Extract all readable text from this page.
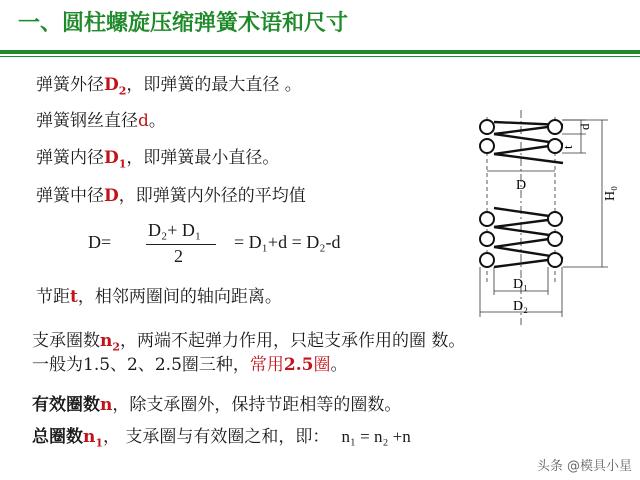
一、圆柱螺旋压缩弹簧术语和尺寸
弹簧外径$D_2$，即弹簧的最大直径 。
弹簧钢丝直径d。
弹簧内径$D_1$，即弹簧最小直径。
弹簧中径D，即弹簧内外径的平均值
D=
D₂+ D₁
2
= D₁+d = D₂-d
节距t，相邻两圈间的轴向距离。
支承圈数$n_2$，两端不起弹力作用，只起支承作用的圈 数。
一般为1.5、2、2.5圈三种，常用2.5圈。
有效圈数n，除支承圈外，保持节距相等的圈数。
总圈数$n_1$， 支承圈与有效圈之和，即： n₁ = n₂ +n
t
d
H₀
D
D₁
D₂
头条 @模具小星
